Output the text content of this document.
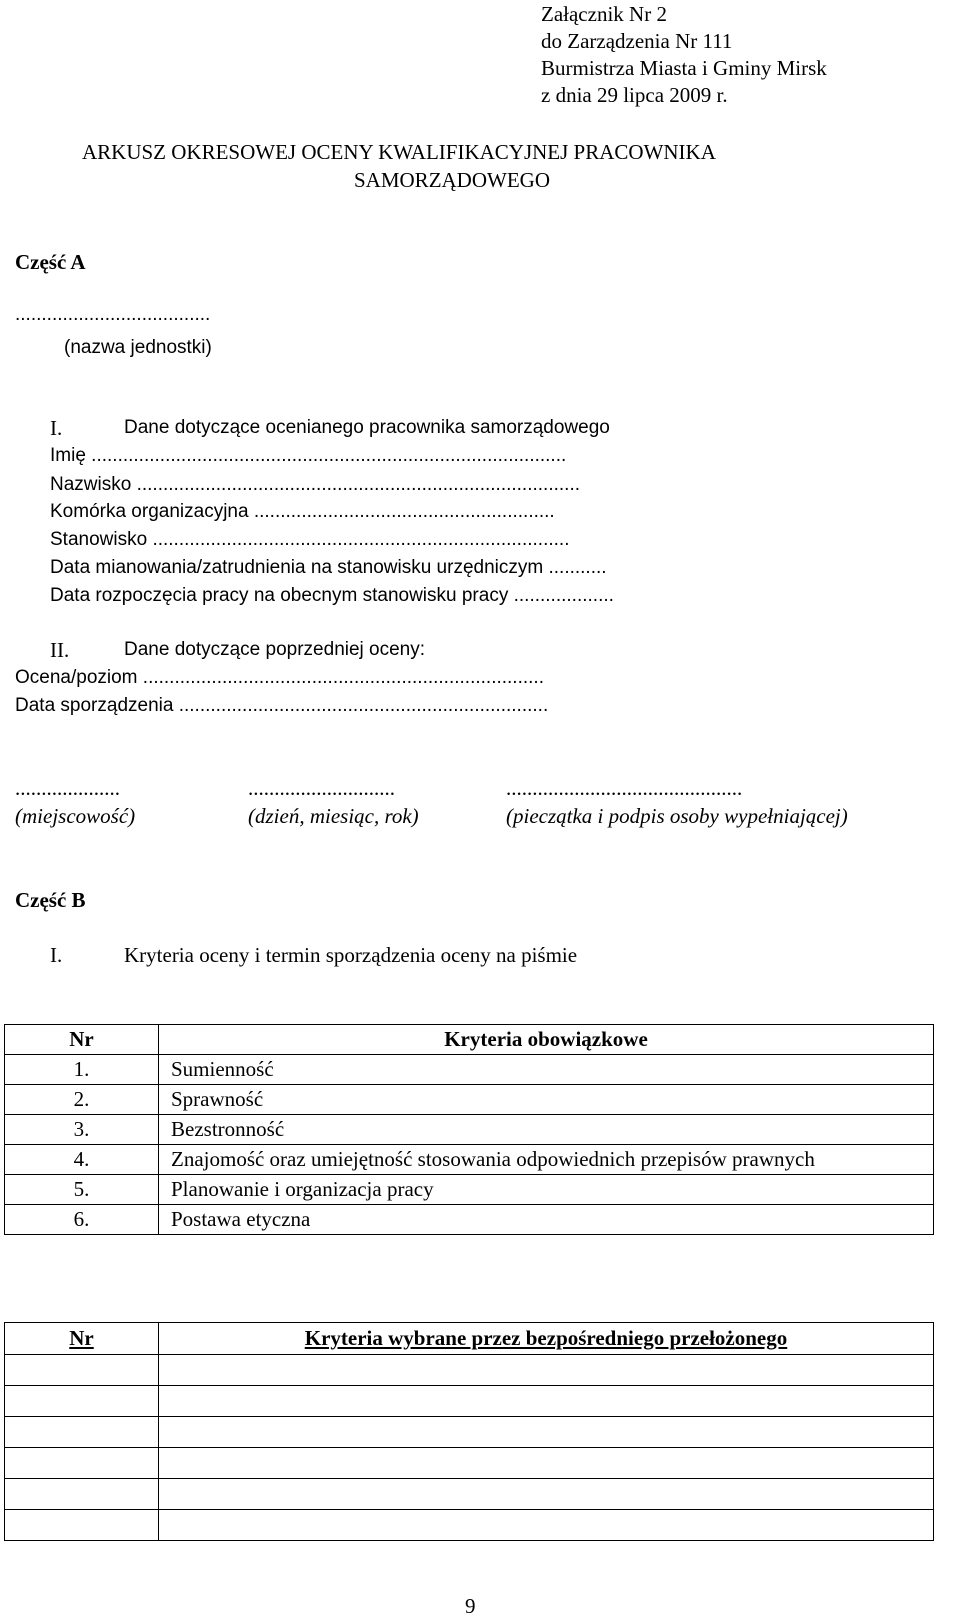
Załącznik Nr 2
do Zarządzenia Nr 111
Burmistrza Miasta i Gminy Mirsk
z dnia 29 lipca 2009 r.
ARKUSZ OKRESOWEJ OCENY KWALIFIKACYJNEJ PRACOWNIKA
SAMORZĄDOWEGO
Część A
.....................................
(nazwa jednostki)
I.	Dane dotyczące ocenianego pracownika samorządowego
Imię ..........................................................................................
Nazwisko ....................................................................................
Komórka organizacyjna .........................................................
Stanowisko ...............................................................................
Data mianowania/zatrudnienia na stanowisku urzędniczym ...........
Data rozpoczęcia pracy na obecnym stanowisku pracy ...................
II.	Dane dotyczące poprzedniej oceny:
Ocena/poziom ............................................................................
Data sporządzenia ......................................................................
....................	............................	.............................................
(miejscowość)	(dzień, miesiąc, rok)	(pieczątka i podpis osoby wypełniającej)
Część B
I.	Kryteria oceny i termin sporządzenia oceny na piśmie
Nr	Kryteria obowiązkowe
1.	Sumienność
2.	Sprawność
3.	Bezstronność
4.	Znajomość oraz umiejętność stosowania odpowiednich przepisów prawnych
5.	Planowanie i organizacja pracy
6.	Postawa etyczna
Nr	Kryteria wybrane przez bezpośredniego przełożonego

9
